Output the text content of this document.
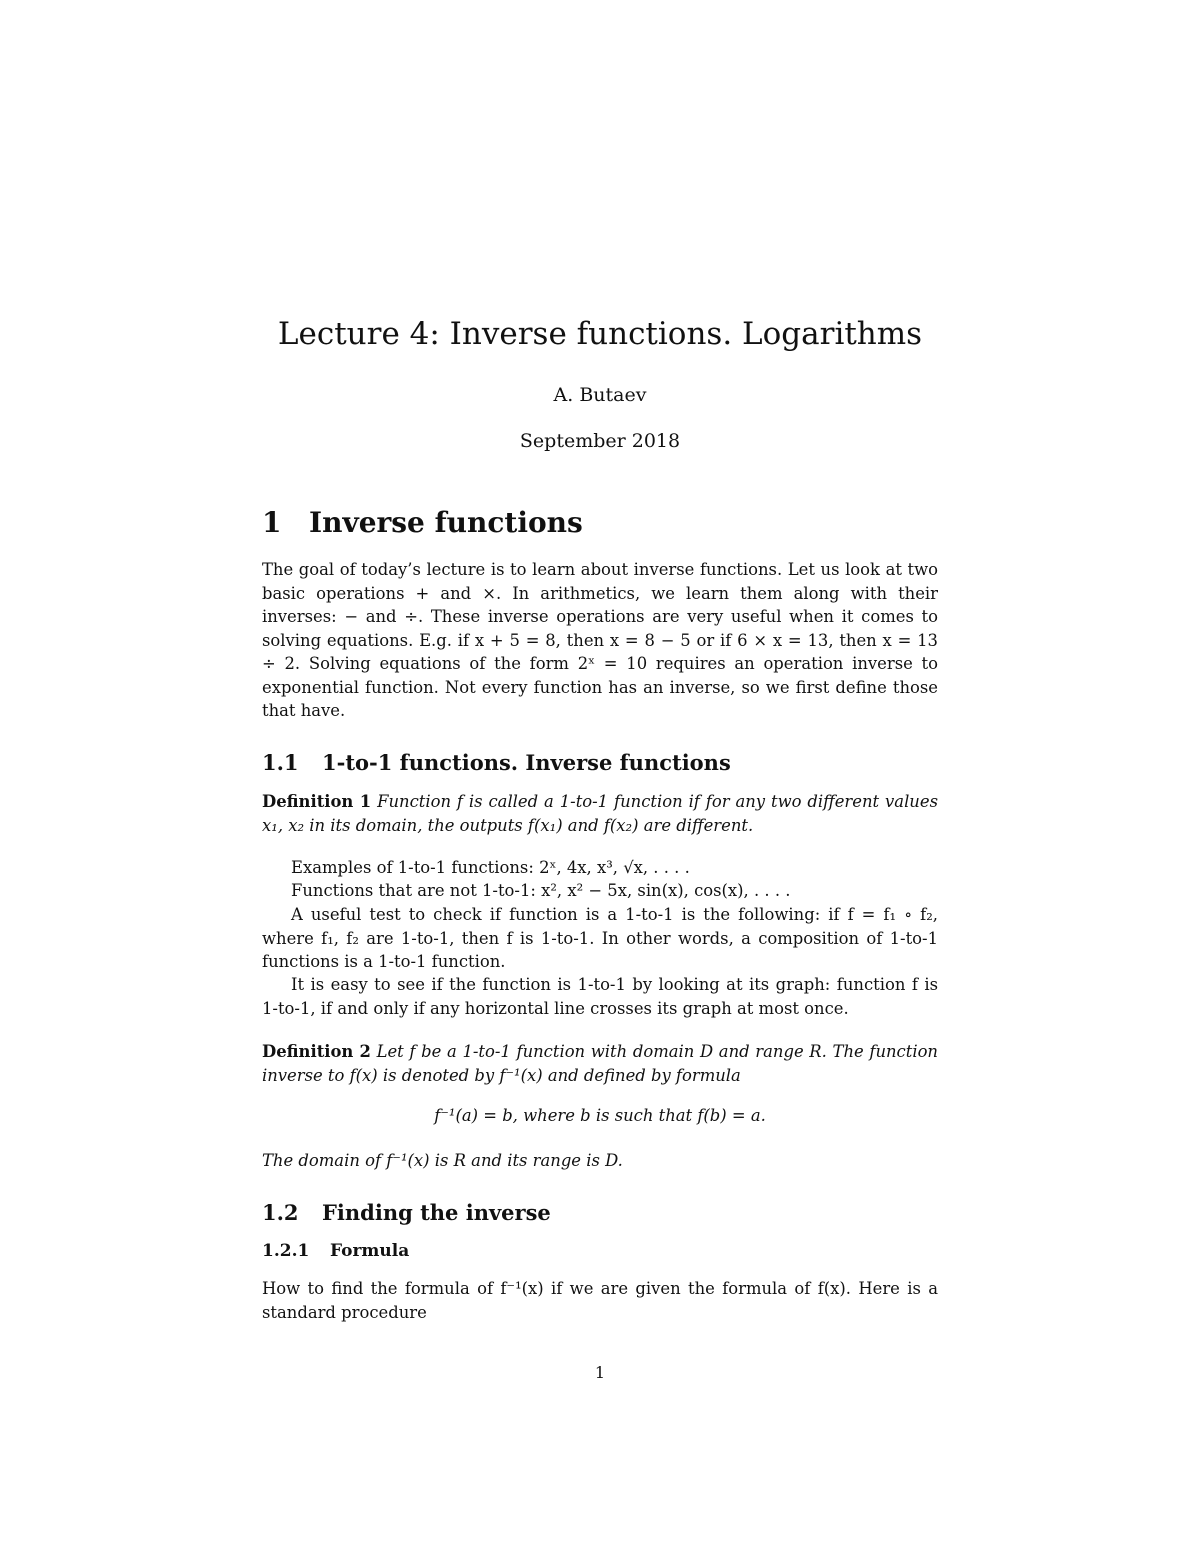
Lecture 4: Inverse functions. Logarithms
A. Butaev
September 2018
1 Inverse functions

The goal of today’s lecture is to learn about inverse functions. Let us look at two basic operations + and ×. In arithmetics, we learn them along with their inverses: − and ÷. These inverse operations are very useful when it comes to solving equations. E.g. if x + 5 = 8, then x = 8 − 5 or if 6 × x = 13, then x = 13 ÷ 2. Solving equations of the form 2ˣ = 10 requires an operation inverse to exponential function. Not every function has an inverse, so we first define those that have.

1.1 1-to-1 functions. Inverse functions

Definition 1 Function f is called a 1-to-1 function if for any two different values x₁, x₂ in its domain, the outputs f(x₁) and f(x₂) are different.

Examples of 1-to-1 functions: 2ˣ, 4x, x³, √x, . . . .

Functions that are not 1-to-1: x², x² − 5x, sin(x), cos(x), . . . .

A useful test to check if function is a 1-to-1 is the following: if f = f₁ ∘ f₂, where f₁, f₂ are 1-to-1, then f is 1-to-1. In other words, a composition of 1-to-1 functions is a 1-to-1 function.

It is easy to see if the function is 1-to-1 by looking at its graph: function f is 1-to-1, if and only if any horizontal line crosses its graph at most once.

Definition 2 Let f be a 1-to-1 function with domain D and range R. The function inverse to f(x) is denoted by f⁻¹(x) and defined by formula

f⁻¹(a) = b, where b is such that f(b) = a.

The domain of f⁻¹(x) is R and its range is D.

1.2 Finding the inverse
1.2.1 Formula

How to find the formula of f⁻¹(x) if we are given the formula of f(x). Here is a standard procedure

1
